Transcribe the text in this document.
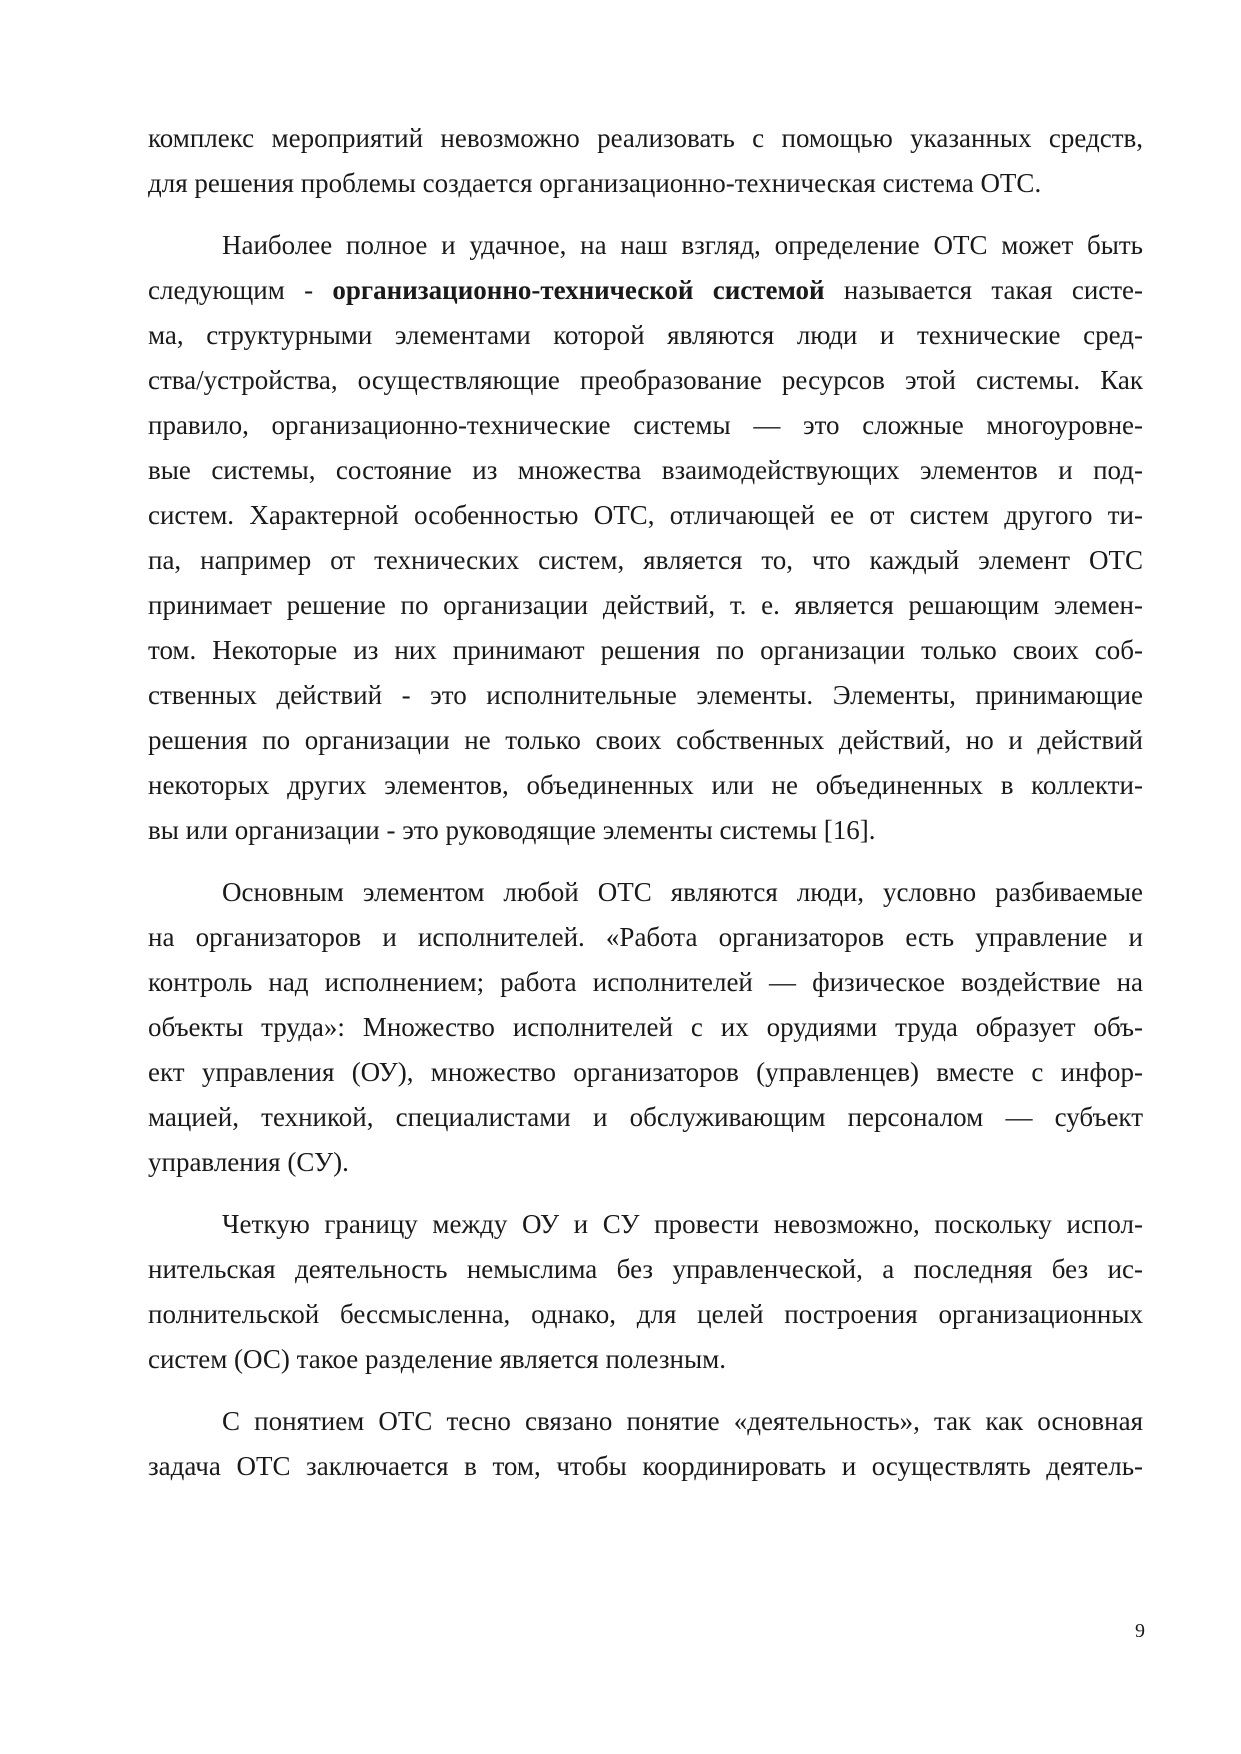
комплекс мероприятий невозможно реализовать с помощью указанных средств,
для решения проблемы создается организационно-техническая система ОТС.
Наиболее полное и удачное, на наш взгляд, определение ОТС может быть
следующим - организационно-технической системой называется такая систе-
ма, структурными элементами которой являются люди и технические сред-
ства/устройства, осуществляющие преобразование ресурсов этой системы. Как
правило, организационно-технические системы — это сложные многоуровне-
вые системы, состояние из множества взаимодействующих элементов и под-
систем. Характерной особенностью ОТС, отличающей ее от систем другого ти-
па, например от технических систем, является то, что каждый элемент ОТС
принимает решение по организации действий, т. е. является решающим элемен-
том. Некоторые из них принимают решения по организации только своих соб-
ственных действий - это исполнительные элементы. Элементы, принимающие
решения по организации не только своих собственных действий, но и действий
некоторых других элементов, объединенных или не объединенных в коллекти-
вы или организации - это руководящие элементы системы [16].
Основным элементом любой ОТС являются люди, условно разбиваемые
на организаторов и исполнителей. «Работа организаторов есть управление и
контроль над исполнением; работа исполнителей — физическое воздействие на
объекты труда»: Множество исполнителей с их орудиями труда образует объ-
ект управления (ОУ), множество организаторов (управленцев) вместе с инфор-
мацией, техникой, специалистами и обслуживающим персоналом — субъект
управления (СУ).
Четкую границу между ОУ и СУ провести невозможно, поскольку испол-
нительская деятельность немыслима без управленческой, а последняя без ис-
полнительской бессмысленна, однако, для целей построения организационных
систем (ОС) такое разделение является полезным.
С понятием ОТС тесно связано понятие «деятельность», так как основная
задача ОТС заключается в том, чтобы координировать и осуществлять деятель-
9
